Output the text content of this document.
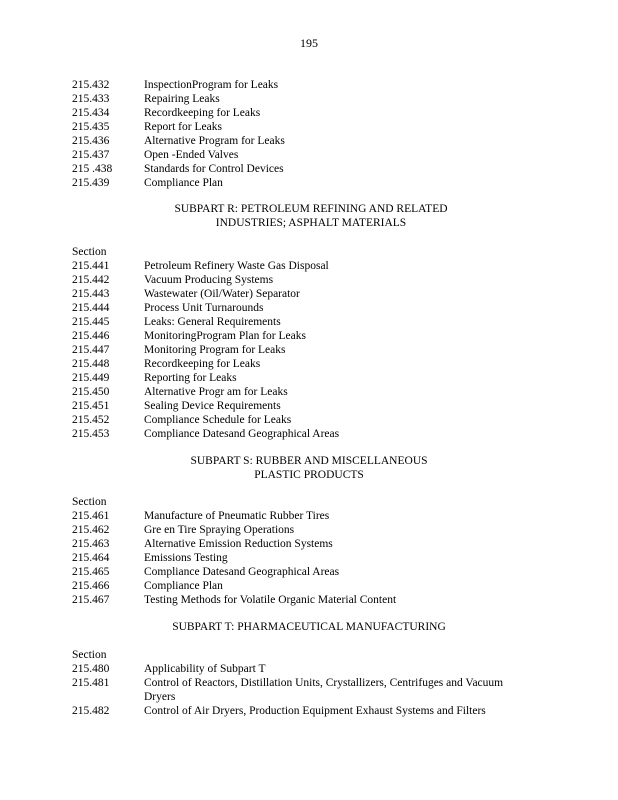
195
215.432	InspectionProgram for Leaks
215.433	Repairing Leaks
215.434	Recordkeeping for Leaks
215.435	Report for Leaks
215.436	Alternative Program for Leaks
215.437	Open -Ended Valves
215 .438	Standards for Control Devices
215.439	Compliance Plan
SUBPART R: PETROLEUM REFINING AND RELATED
INDUSTRIES; ASPHALT MATERIALS
Section
215.441	Petroleum Refinery Waste Gas Disposal
215.442	Vacuum Producing Systems
215.443	Wastewater (Oil/Water) Separator
215.444	Process Unit Turnarounds
215.445	Leaks: General Requirements
215.446	MonitoringProgram Plan for Leaks
215.447	Monitoring Program for Leaks
215.448	Recordkeeping for Leaks
215.449	Reporting for Leaks
215.450	Alternative Progr am for Leaks
215.451	Sealing Device Requirements
215.452	Compliance Schedule for Leaks
215.453	Compliance Datesand Geographical Areas
SUBPART S: RUBBER AND MISCELLANEOUS
PLASTIC PRODUCTS
Section
215.461	Manufacture of Pneumatic Rubber Tires
215.462	Gre en Tire Spraying Operations
215.463	Alternative Emission Reduction Systems
215.464	Emissions Testing
215.465	Compliance Datesand Geographical Areas
215.466	Compliance Plan
215.467	Testing Methods for Volatile Organic Material Content
SUBPART T: PHARMACEUTICAL MANUFACTURING
Section
215.480	Applicability of Subpart T
215.481	Control of Reactors, Distillation Units, Crystallizers, Centrifuges and Vacuum Dryers
215.482	Control of Air Dryers, Production Equipment Exhaust Systems and Filters
